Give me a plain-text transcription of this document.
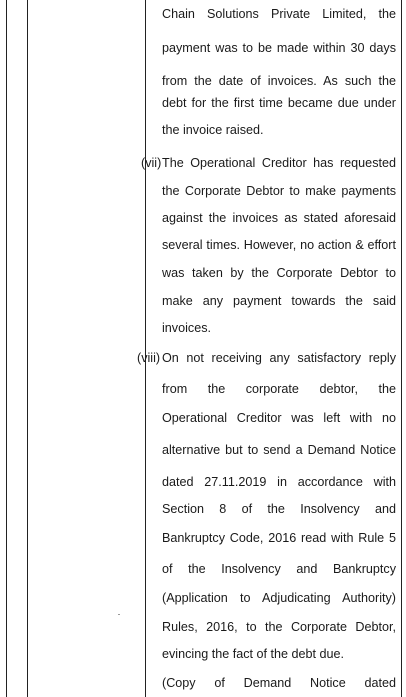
Chain Solutions Private Limited, the
payment was to be made within 30 days
from the date of invoices. As such the
debt for the first time became due under
the invoice raised.
(vii) The Operational Creditor has requested
the Corporate Debtor to make payments
against the invoices as stated aforesaid
several times. However, no action & effort
was taken by the Corporate Debtor to
make any payment towards the said
invoices.
(viii) On not receiving any satisfactory reply
from the corporate debtor, the
Operational Creditor was left with no
alternative but to send a Demand Notice
dated 27.11.2019 in accordance with
Section 8 of the Insolvency and
Bankruptcy Code, 2016 read with Rule 5
of the Insolvency and Bankruptcy
(Application to Adjudicating Authority)
Rules, 2016, to the Corporate Debtor,
evincing the fact of the debt due.
(Copy of Demand Notice dated
